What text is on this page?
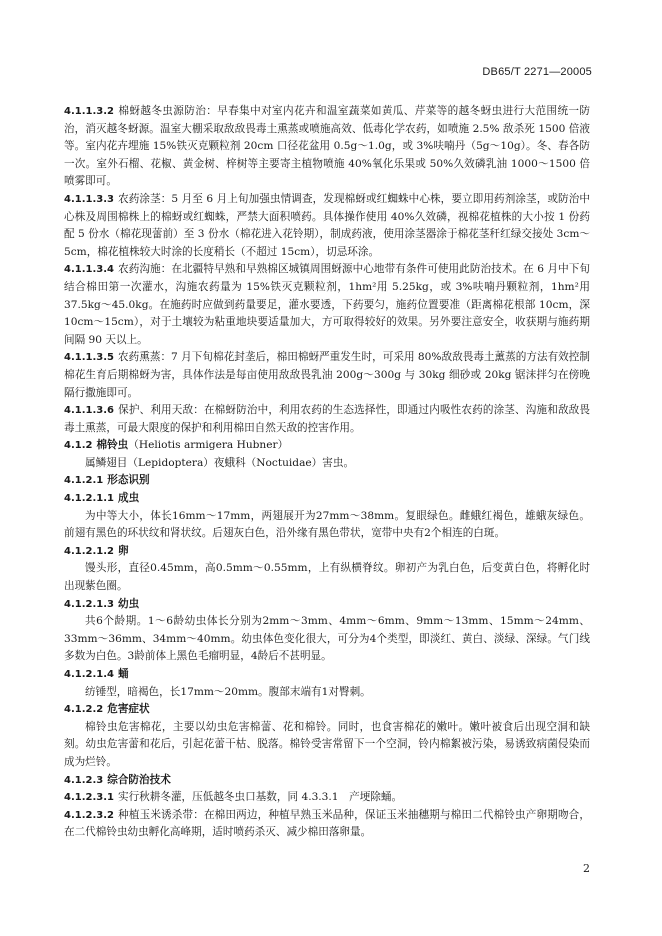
DB65/T 2271—20005

4.1.1.3.2 棉蚜越冬虫源防治：早春集中对室内花卉和温室蔬菜如黄瓜、芹菜等的越冬蚜虫进行大范围统一防治，消灭越冬蚜源。温室大棚采取敌敌畏毒土熏蒸或喷施高效、低毒化学农药，如喷施 2.5% 敌杀死 1500 倍液等。室内花卉埋施 15%铁灭克颗粒剂 20cm 口径花盆用 0.5g～1.0g，或 3%呋喃丹（5g～10g）。冬、春各防一次。室外石榴、花椒、黄金树、梓树等主要寄主植物喷施 40%氧化乐果或 50%久效磷乳油 1000～1500 倍喷雾即可。

4.1.1.3.3 农药涂茎：5 月至 6 月上旬加强虫情调查，发现棉蚜或红蜘蛛中心株，要立即用药剂涂茎，或防治中心株及周围棉株上的棉蚜或红蜘蛛，严禁大面积喷药。具体操作使用 40%久效磷，视棉花植株的大小按 1 份药配 5 份水（棉花现蕾前）至 3 份水（棉花进入花铃期），制成药液，使用涂茎器涂于棉花茎秆红绿交接处 3cm～5cm，棉花植株较大时涂的长度稍长（不超过 15cm），切忌环涂。

4.1.1.3.4 农药沟施：在北疆特早熟和早熟棉区城镇周围蚜源中心地带有条件可使用此防治技术。在 6 月中下旬结合棉田第一次灌水，沟施农药量为 15%铁灭克颗粒剂，1hm²用 5.25kg，或 3%呋喃丹颗粒剂，1hm²用 37.5kg～45.0kg。在施药时应做到药量要足，灌水要透，下药要匀，施药位置要准（距离棉花根部 10cm，深 10cm～15cm），对于土壤较为粘重地块要适量加大，方可取得较好的效果。另外要注意安全，收获期与施药期间隔 90 天以上。

4.1.1.3.5 农药熏蒸：7 月下旬棉花封垄后，棉田棉蚜严重发生时，可采用 80%敌敌畏毒土薰蒸的方法有效控制棉花生育后期棉蚜为害，具体作法是每亩使用敌敌畏乳油 200g～300g 与 30kg 细砂或 20kg 锯沫拌匀在傍晚隔行撒施即可。

4.1.1.3.6 保护、利用天敌：在棉蚜防治中，利用农药的生态选择性，即通过内吸性农药的涂茎、沟施和敌敌畏毒土熏蒸，可最大限度的保护和利用棉田自然天敌的控害作用。

4.1.2 棉铃虫（Heliotis armigera Hubner）

属鳞翅目（Lepidoptera）夜蛾科（Noctuidae）害虫。

4.1.2.1 形态识别

4.1.2.1.1 成虫

为中等大小，体长16mm～17mm，两翅展开为27mm～38mm。复眼绿色。雌蛾红褐色，雄蛾灰绿色。前翅有黑色的环状纹和肾状纹。后翅灰白色，沿外缘有黑色带状，宽带中央有2个相连的白斑。

4.1.2.1.2 卵

馒头形，直径0.45mm，高0.5mm～0.55mm，上有纵横脊纹。卵初产为乳白色，后变黄白色，将孵化时出现紫色圈。

4.1.2.1.3 幼虫

共6个龄期。1～6龄幼虫体长分别为2mm～3mm、4mm～6mm、9mm～13mm、15mm～24mm、33mm～36mm、34mm～40mm。幼虫体色变化很大，可分为4个类型，即淡红、黄白、淡绿、深绿。气门线多数为白色。3龄前体上黑色毛瘤明显，4龄后不甚明显。

4.1.2.1.4 蛹

纺锤型，暗褐色，长17mm～20mm。腹部末端有1对臀刺。

4.1.2.2 危害症状

棉铃虫危害棉花，主要以幼虫危害棉蕾、花和棉铃。同时，也食害棉花的嫩叶。嫩叶被食后出现空洞和缺刻。幼虫危害蕾和花后，引起花蕾干枯、脱落。棉铃受害常留下一个空洞，铃内棉絮被污染，易诱致病菌侵染而成为烂铃。

4.1.2.3 综合防治技术

4.1.2.3.1 实行秋耕冬灌，压低越冬虫口基数，同 4.3.3.1　产埂除蛹。

4.1.2.3.2 种植玉米诱杀带：在棉田两边，种植早熟玉米品种，保证玉米抽穗期与棉田二代棉铃虫产卵期吻合，在二代棉铃虫幼虫孵化高峰期，适时喷药杀灭、减少棉田落卵量。

2
